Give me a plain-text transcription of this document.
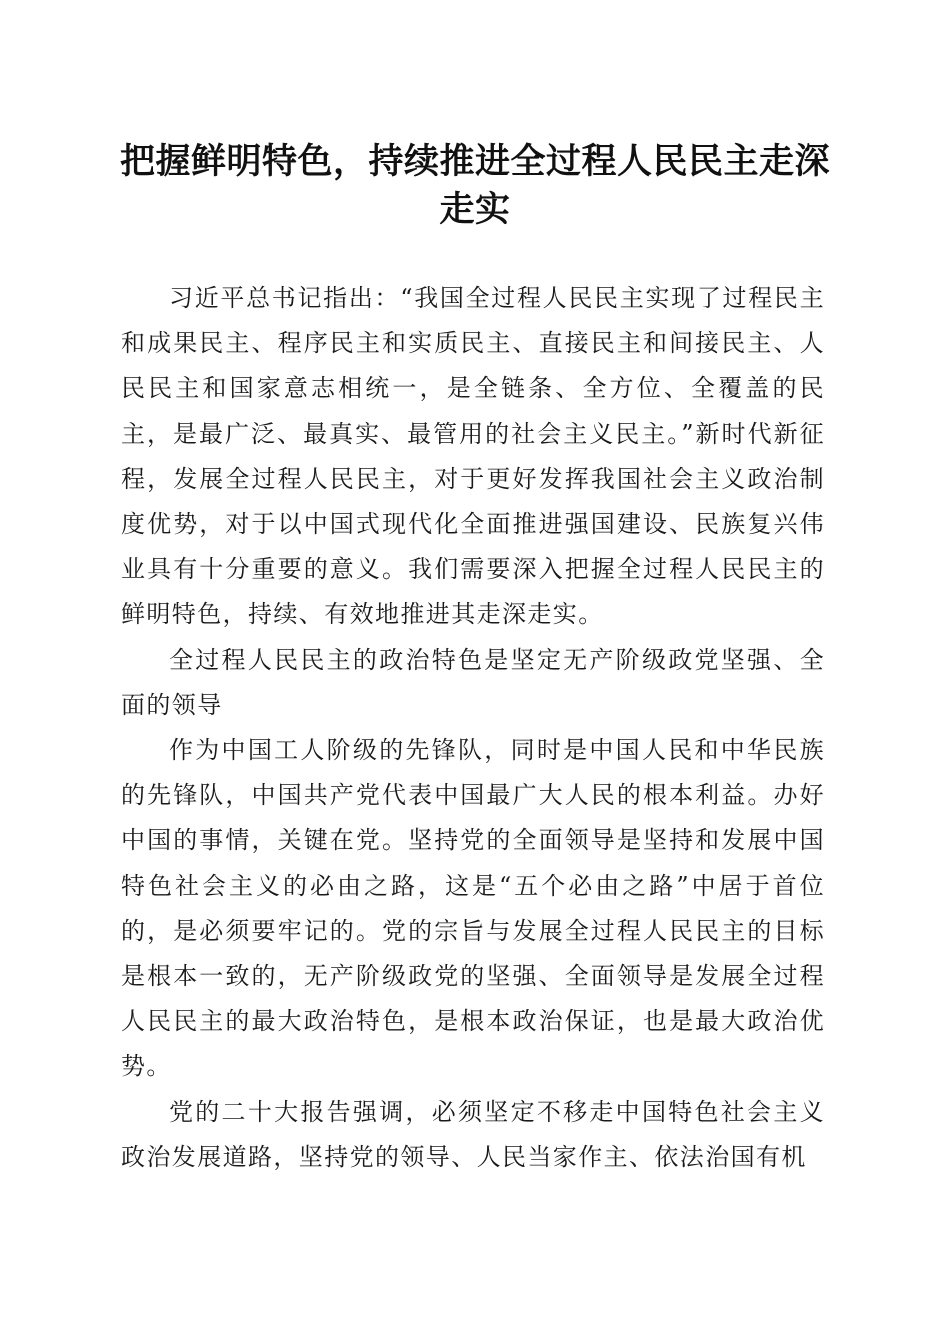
把握鲜明特色，持续推进全过程人民民主走深走实

习近平总书记指出：“我国全过程人民民主实现了过程民主和成果民主、程序民主和实质民主、直接民主和间接民主、人民民主和国家意志相统一，是全链条、全方位、全覆盖的民主，是最广泛、最真实、最管用的社会主义民主。”新时代新征程，发展全过程人民民主，对于更好发挥我国社会主义政治制度优势，对于以中国式现代化全面推进强国建设、民族复兴伟业具有十分重要的意义。我们需要深入把握全过程人民民主的鲜明特色，持续、有效地推进其走深走实。

全过程人民民主的政治特色是坚定无产阶级政党坚强、全面的领导

作为中国工人阶级的先锋队，同时是中国人民和中华民族的先锋队，中国共产党代表中国最广大人民的根本利益。办好中国的事情，关键在党。坚持党的全面领导是坚持和发展中国特色社会主义的必由之路，这是“五个必由之路”中居于首位的，是必须要牢记的。党的宗旨与发展全过程人民民主的目标是根本一致的，无产阶级政党的坚强、全面领导是发展全过程人民民主的最大政治特色，是根本政治保证，也是最大政治优势。

党的二十大报告强调，必须坚定不移走中国特色社会主义政治发展道路，坚持党的领导、人民当家作主、依法治国有机
